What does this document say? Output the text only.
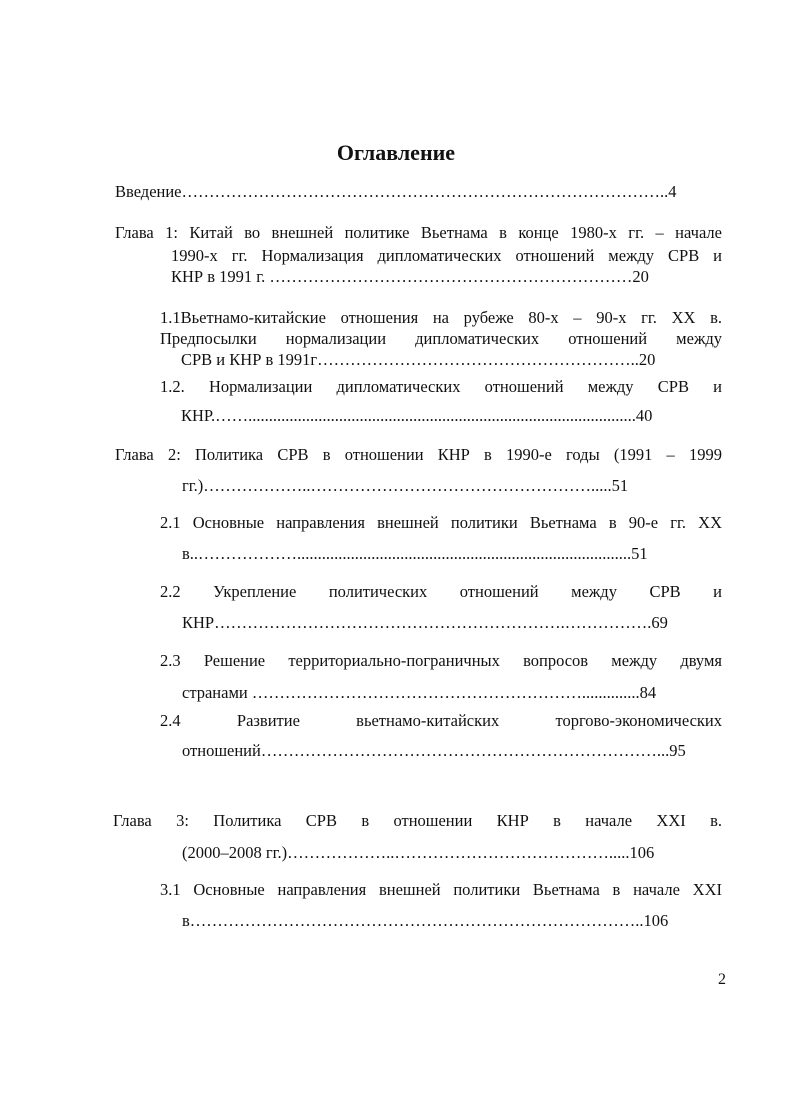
Оглавление
Введение……………………………………………………………………………..4
Глава 1: Китай во внешней политике Вьетнама в конце 1980-х гг. – начале
1990-х гг. Нормализация дипломатических отношений между СРВ и
КНР в 1991 г. …………………………………………………………20
1.1Вьетнамо-китайские отношения на рубеже 80-х – 90-х гг. XX в.
Предпосылки нормализации дипломатических отношений между
СРВ и КНР в 1991г…………………………………………………..20
1.2. Нормализации дипломатических отношений между СРВ и
КНР.……..............................................................................................40
Глава 2: Политика СРВ в отношении КНР в 1990-е годы (1991 – 1999
гг.)………………..…………………………………………….....51
2.1 Основные направления внешней политики Вьетнама в 90-е гг. XX
в..……………….................................................................................51
2.2 Укрепление политических отношений между СРВ и
КНР……………………………………………………….…………….69
2.3 Решение территориально-пограничных вопросов между двумя
странами ……………………………………………………..............84
2.4 Развитие вьетнамо-китайских торгово-экономических
отношений………………………………………………………………...95
Глава 3: Политика СРВ в отношении КНР в начале XXI в.
(2000–2008 гг.)………………..………………………………….....106
3.1 Основные направления внешней политики Вьетнама в начале XXI
в………………………………………………………………………..106
2
